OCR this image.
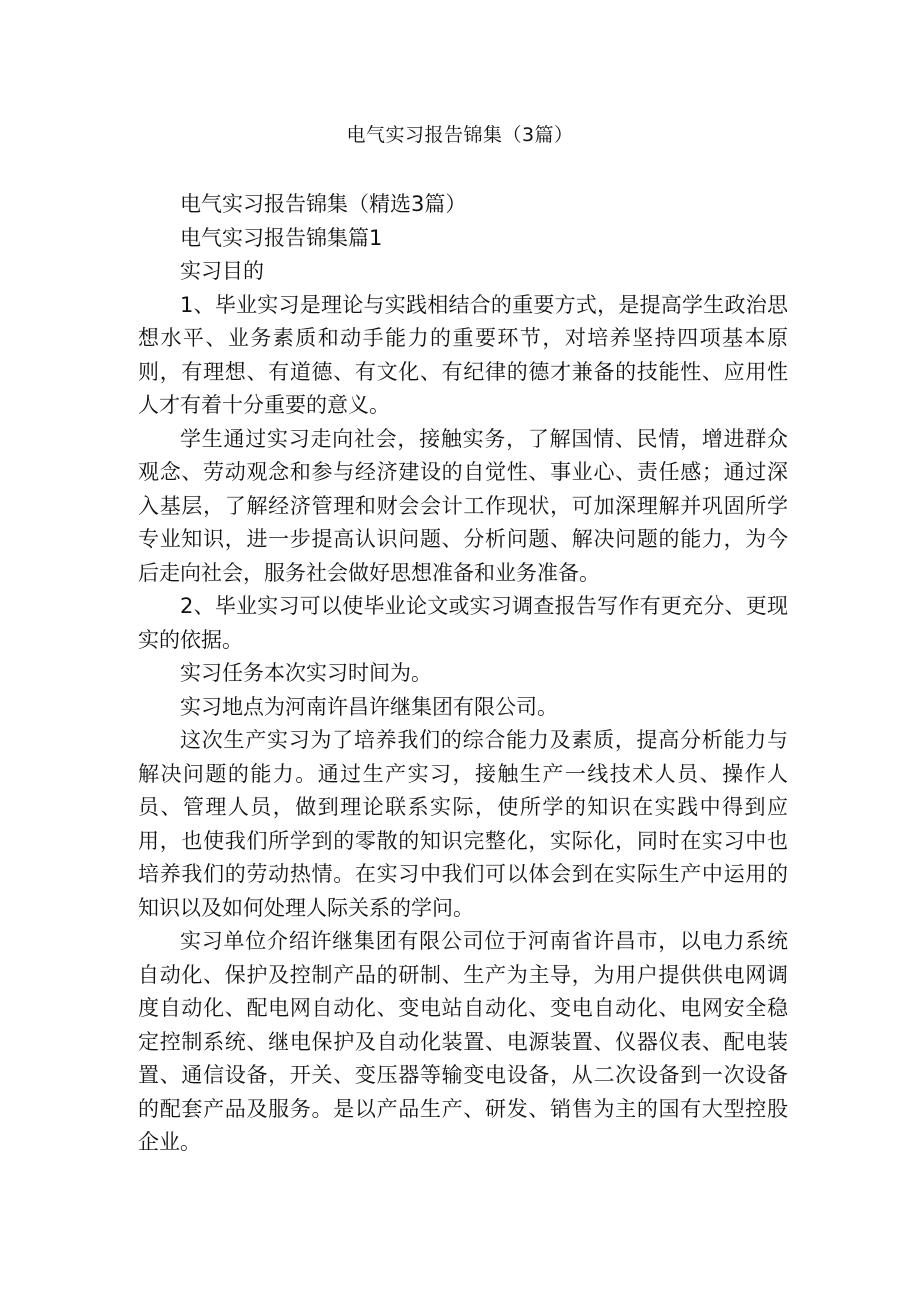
电气实习报告锦集（3篇）

电气实习报告锦集（精选3篇）

电气实习报告锦集篇1

实习目的

1、毕业实习是理论与实践相结合的重要方式，是提高学生政治思想水平、业务素质和动手能力的重要环节，对培养坚持四项基本原则，有理想、有道德、有文化、有纪律的德才兼备的技能性、应用性人才有着十分重要的意义。

学生通过实习走向社会，接触实务，了解国情、民情，增进群众观念、劳动观念和参与经济建设的自觉性、事业心、责任感；通过深入基层，了解经济管理和财会会计工作现状，可加深理解并巩固所学专业知识，进一步提高认识问题、分析问题、解决问题的能力，为今后走向社会，服务社会做好思想准备和业务准备。

2、毕业实习可以使毕业论文或实习调查报告写作有更充分、更现实的依据。

实习任务本次实习时间为。

实习地点为河南许昌许继集团有限公司。

这次生产实习为了培养我们的综合能力及素质，提高分析能力与解决问题的能力。通过生产实习，接触生产一线技术人员、操作人员、管理人员，做到理论联系实际，使所学的知识在实践中得到应用，也使我们所学到的零散的知识完整化，实际化，同时在实习中也培养我们的劳动热情。在实习中我们可以体会到在实际生产中运用的知识以及如何处理人际关系的学问。

实习单位介绍许继集团有限公司位于河南省许昌市，以电力系统自动化、保护及控制产品的研制、生产为主导，为用户提供供电网调度自动化、配电网自动化、变电站自动化、变电自动化、电网安全稳定控制系统、继电保护及自动化装置、电源装置、仪器仪表、配电装置、通信设备，开关、变压器等输变电设备，从二次设备到一次设备的配套产品及服务。是以产品生产、研发、销售为主的国有大型控股企业。
